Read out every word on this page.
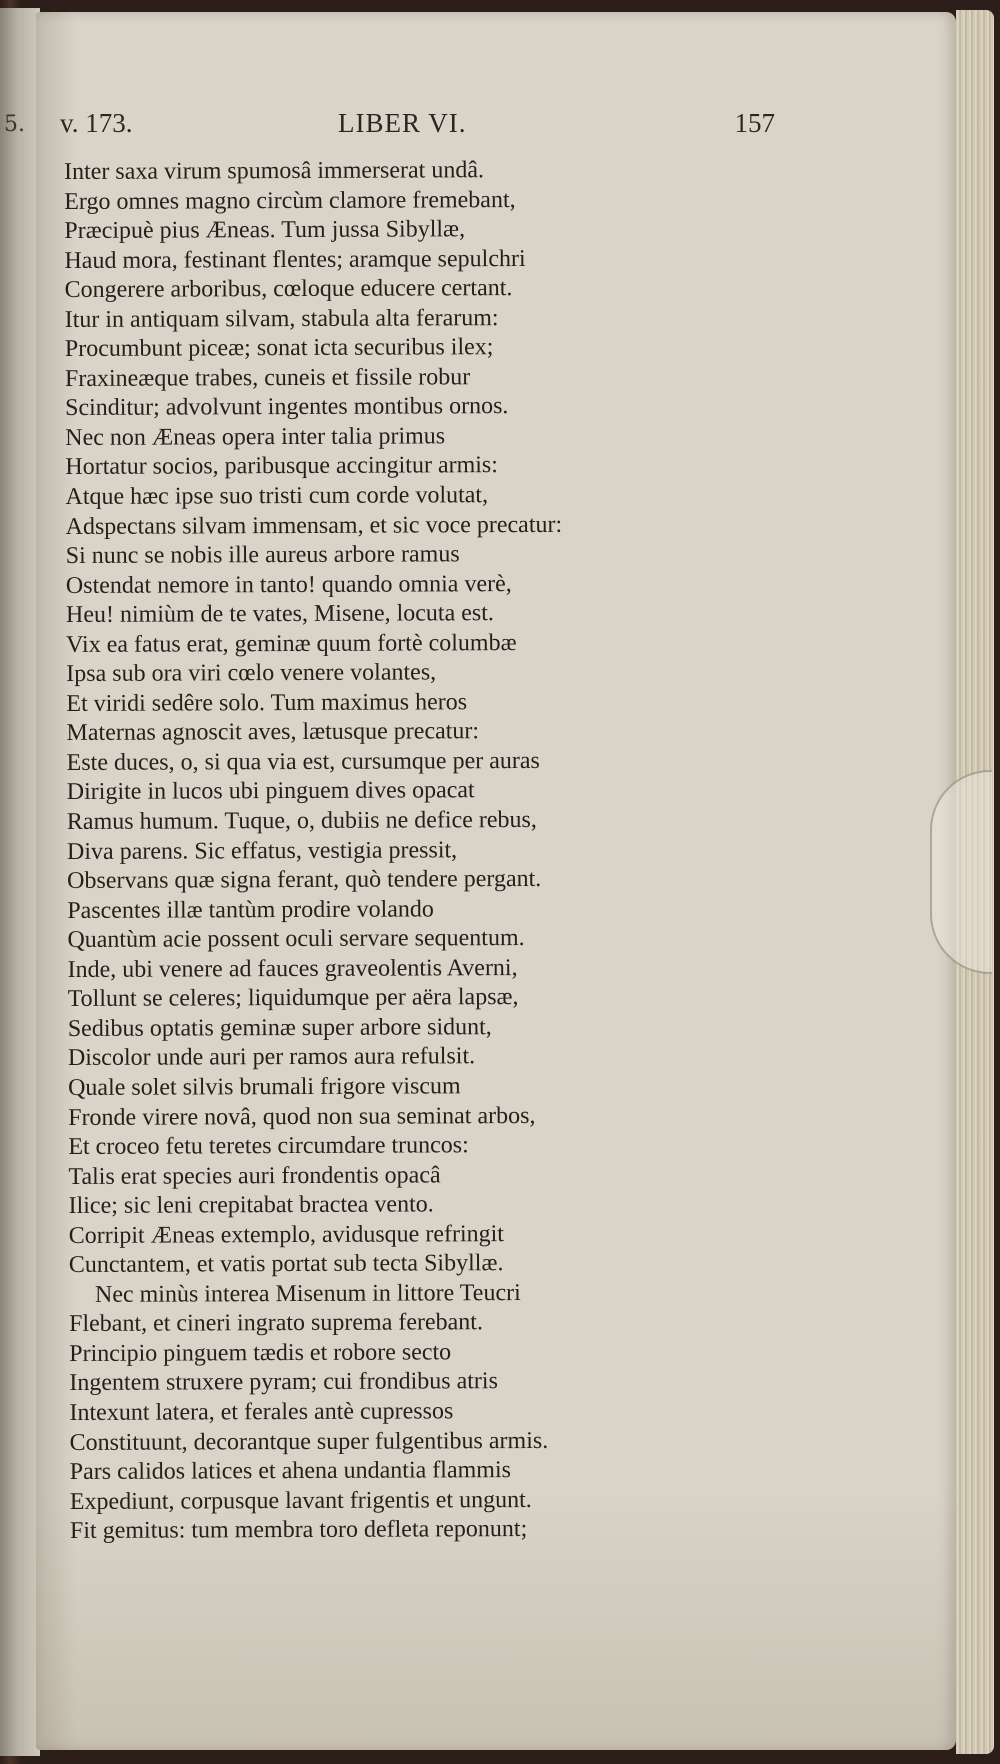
5. v. 173.	LIBER VI.	157
Inter saxa virum spumosâ immerserat undâ.
Ergo omnes magno circùm clamore fremebant,
Præcipuè pius Æneas. Tum jussa Sibyllæ,
Haud mora, festinant flentes; aramque sepulchri
Congerere arboribus, cœloque educere certant.
Itur in antiquam silvam, stabula alta ferarum:
Procumbunt piceæ; sonat icta securibus ilex;
Fraxineæque trabes, cuneis et fissile robur
Scinditur; advolvunt ingentes montibus ornos.
Nec non Æneas opera inter talia primus
Hortatur socios, paribusque accingitur armis:
Atque hæc ipse suo tristi cum corde volutat,
Adspectans silvam immensam, et sic voce precatur:
Si nunc se nobis ille aureus arbore ramus
Ostendat nemore in tanto! quando omnia verè,
Heu! nimiùm de te vates, Misene, locuta est.
Vix ea fatus erat, geminæ quum fortè columbæ
Ipsa sub ora viri cœlo venere volantes,
Et viridi sedêre solo. Tum maximus heros
Maternas agnoscit aves, lætusque precatur:
Este duces, o, si qua via est, cursumque per auras
Dirigite in lucos ubi pinguem dives opacat
Ramus humum. Tuque, o, dubiis ne defice rebus,
Diva parens. Sic effatus, vestigia pressit,
Observans quæ signa ferant, quò tendere pergant.
Pascentes illæ tantùm prodire volando
Quantùm acie possent oculi servare sequentum.
Inde, ubi venere ad fauces graveolentis Averni,
Tollunt se celeres; liquidumque per aëra lapsæ,
Sedibus optatis geminæ super arbore sidunt,
Discolor unde auri per ramos aura refulsit.
Quale solet silvis brumali frigore viscum
Fronde virere novâ, quod non sua seminat arbos,
Et croceo fetu teretes circumdare truncos:
Talis erat species auri frondentis opacâ
Ilice; sic leni crepitabat bractea vento.
Corripit Æneas extemplo, avidusque refringit
Cunctantem, et vatis portat sub tecta Sibyllæ.
Nec minùs interea Misenum in littore Teucri
Flebant, et cineri ingrato suprema ferebant.
Principio pinguem tædis et robore secto
Ingentem struxere pyram; cui frondibus atris
Intexunt latera, et ferales antè cupressos
Constituunt, decorantque super fulgentibus armis.
Pars calidos latices et ahena undantia flammis
Expediunt, corpusque lavant frigentis et ungunt.
Fit gemitus: tum membra toro defleta reponunt;
